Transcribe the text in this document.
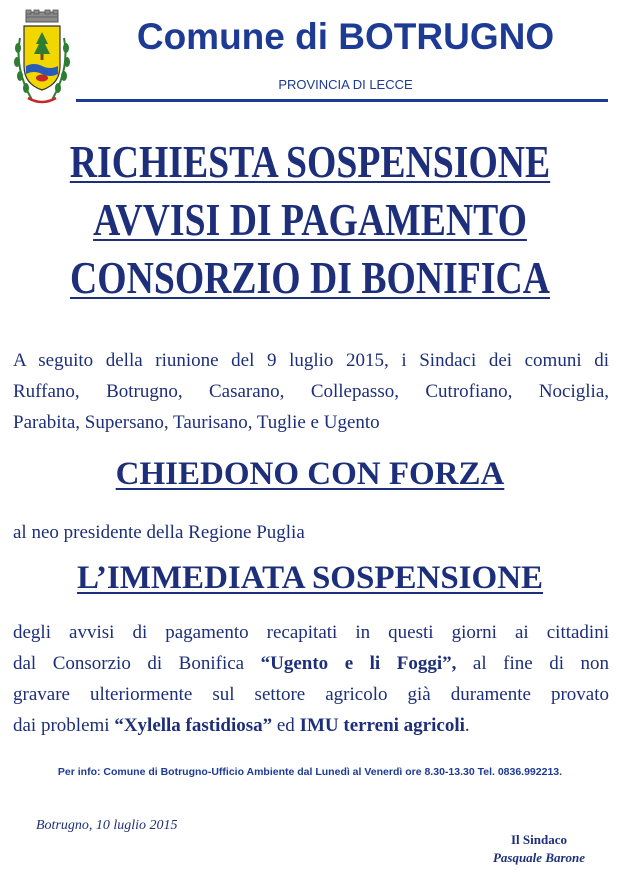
Comune di BOTRUGNO
PROVINCIA DI LECCE
RICHIESTA SOSPENSIONE
AVVISI DI PAGAMENTO
CONSORZIO DI BONIFICA
A seguito della riunione del 9 luglio 2015, i Sindaci dei comuni di
Ruffano, Botrugno, Casarano, Collepasso, Cutrofiano, Nociglia,
Parabita, Supersano, Taurisano, Tuglie e Ugento
CHIEDONO CON FORZA
al neo presidente della Regione Puglia
L’IMMEDIATA SOSPENSIONE
degli avvisi di pagamento recapitati in questi giorni ai cittadini
dal Consorzio di Bonifica “Ugento e li Foggi”, al fine di non
gravare ulteriormente sul settore agricolo già duramente provato
dai problemi “Xylella fastidiosa” ed IMU terreni agricoli.
Per info: Comune di Botrugno-Ufficio Ambiente dal Lunedì al Venerdì ore 8.30-13.30 Tel. 0836.992213.
Botrugno, 10 luglio 2015
Il Sindaco
Pasquale Barone
